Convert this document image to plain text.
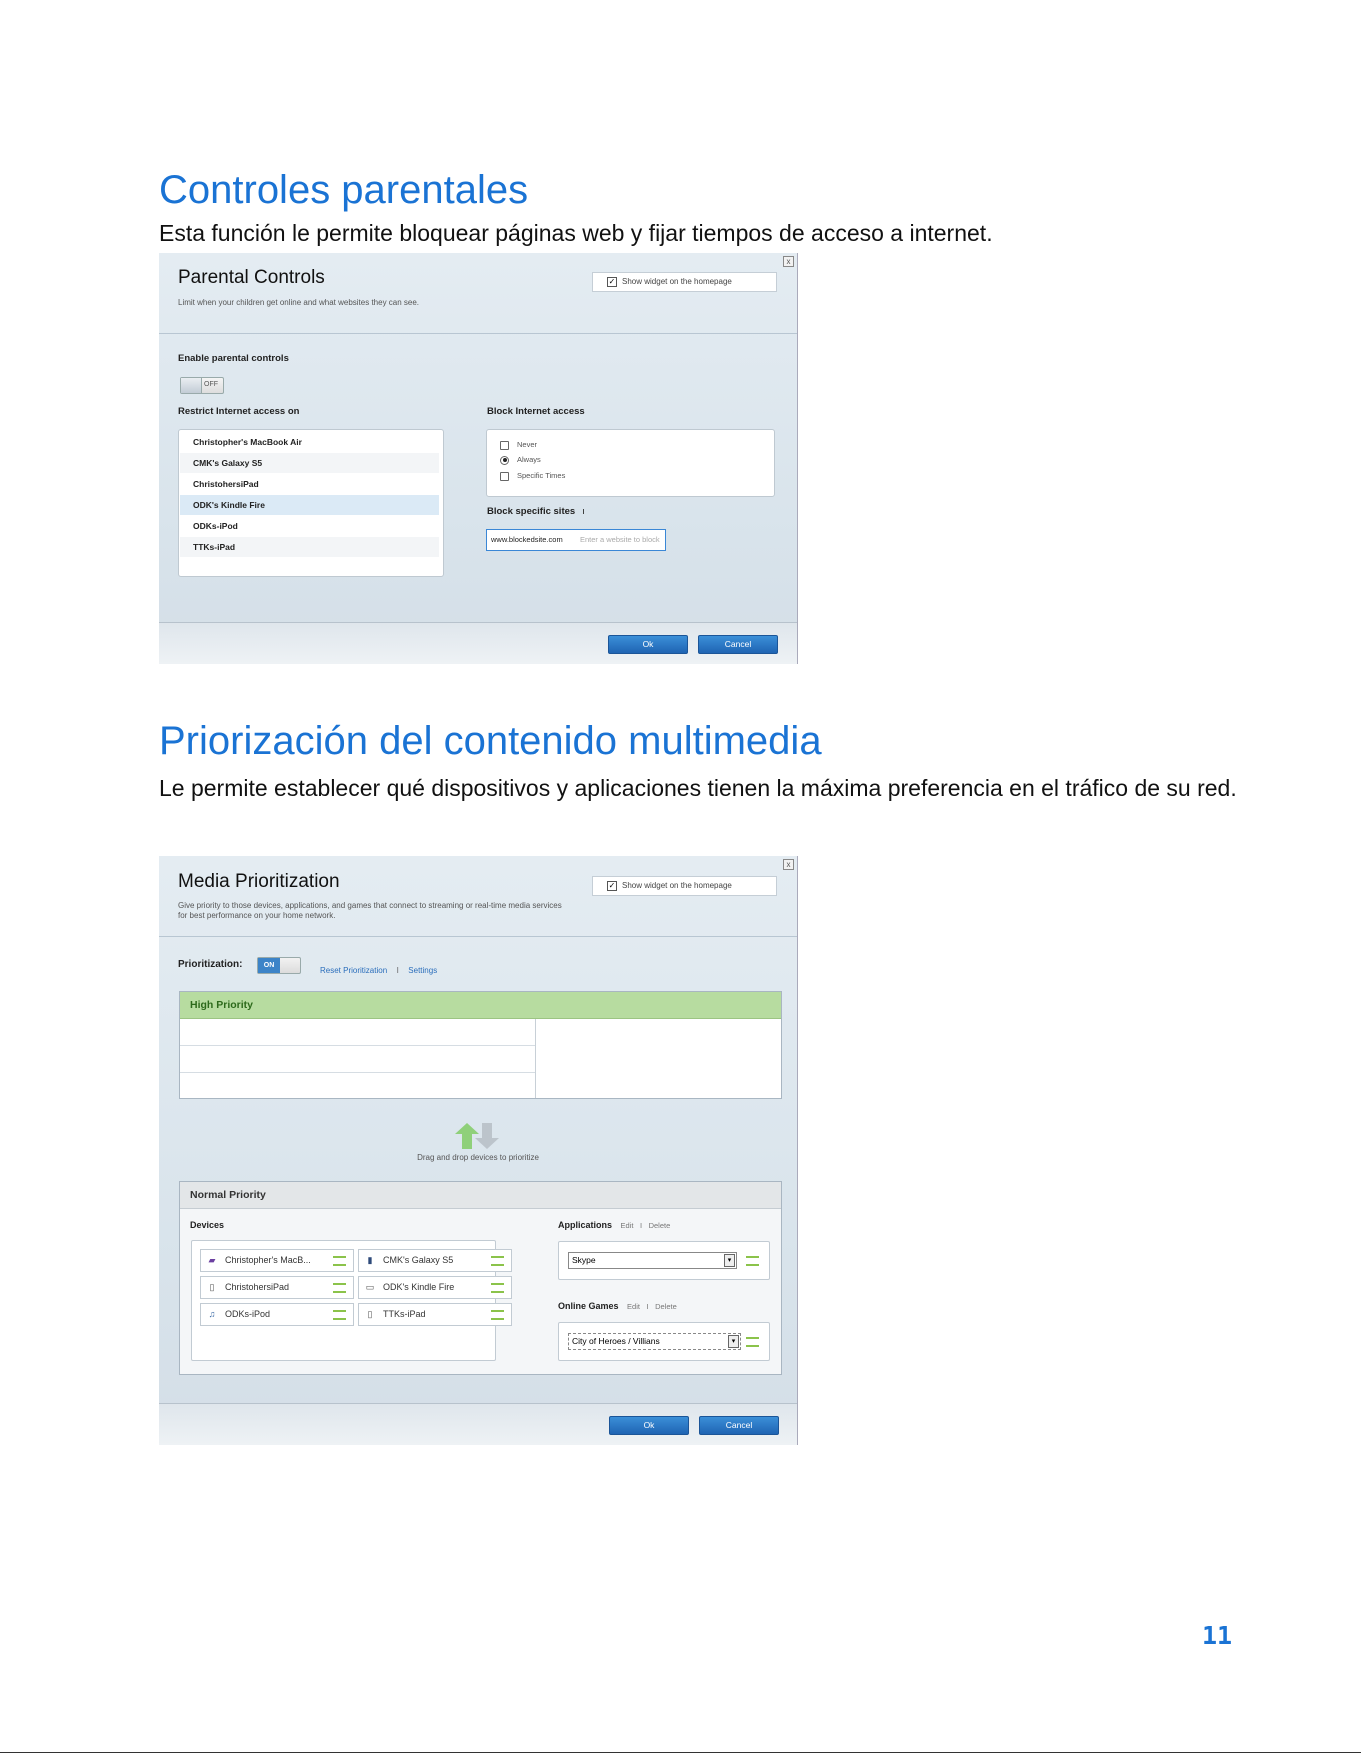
Controles parentales

Esta función le permite bloquear páginas web y fijar tiempos de acceso a internet.

x
Parental Controls
Limit when your children get online and what websites they can see.
✓ Show widget on the homepage
Enable parental controls
OFF
Restrict Internet access on
Christopher's MacBook Air
CMK's Galaxy S5
ChristohersiPad
ODK's Kindle Fire
ODKs-iPod
TTKs-iPad
Block Internet access
Never
Always
Specific Times
Block specific sites ı
www.blockedsite.com Enter a website to block
Ok	Cancel
Priorización del contenido multimedia

Le permite establecer qué dispositivos y aplicaciones tienen la máxima preferencia en el tráfico de su red.

x
Media Prioritization
Give priority to those devices, applications, and games that connect to streaming or real-time media services for best performance on your home network.
✓ Show widget on the homepage
Prioritization:	ON
Reset Prioritization I Settings
High Priority
Drag and drop devices to prioritize
Normal Priority
Devices
▰ Christopher's MacB...	▮ CMK's Galaxy S5
▯ ChristohersiPad	▭ ODK's Kindle Fire
♫ ODKs-iPod	▯ TTKs-iPad
Applications Edit I Delete
Skype	▾
Online Games Edit I Delete
City of Heroes / Villians	▾
Ok	Cancel
11
